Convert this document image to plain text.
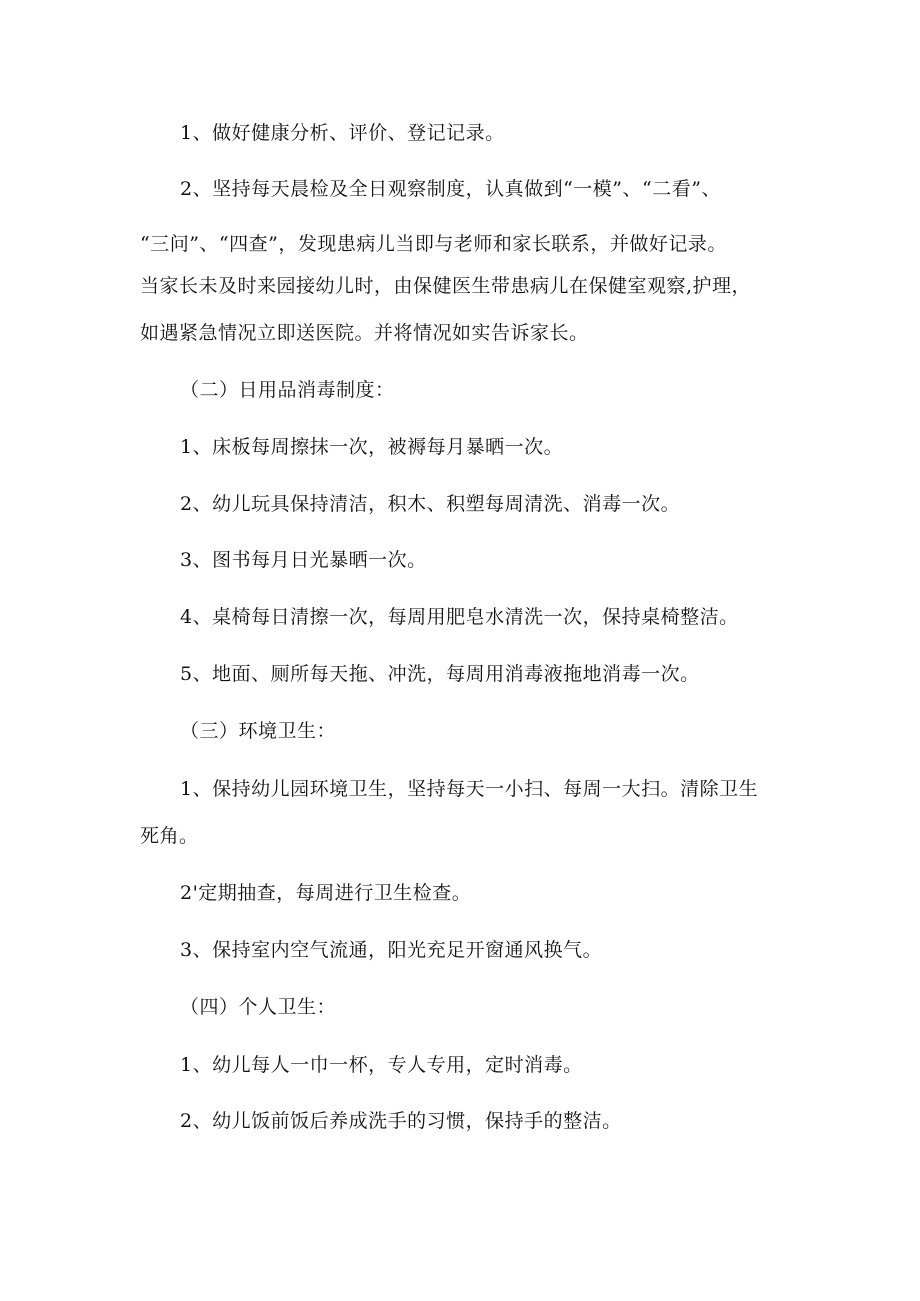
1、做好健康分析、评价、登记记录。
2、坚持每天晨检及全日观察制度，认真做到“一模”、“二看”、
“三问”、“四查”，发现患病儿当即与老师和家长联系，并做好记录。
当家长未及时来园接幼儿时，由保健医生带患病儿在保健室观察,护理，
如遇紧急情况立即送医院。并将情况如实告诉家长。
（二）日用品消毒制度：
1、床板每周擦抹一次，被褥每月暴晒一次。
2、幼儿玩具保持清洁，积木、积塑每周清洗、消毒一次。
3、图书每月日光暴晒一次。
4、桌椅每日清擦一次，每周用肥皂水清洗一次，保持桌椅整洁。
5、地面、厕所每天拖、冲洗，每周用消毒液拖地消毒一次。
（三）环境卫生：
1、保持幼儿园环境卫生，坚持每天一小扫、每周一大扫。清除卫生
死角。
2'定期抽查，每周进行卫生检查。
3、保持室内空气流通，阳光充足开窗通风换气。
（四）个人卫生：
1、幼儿每人一巾一杯，专人专用，定时消毒。
2、幼儿饭前饭后养成洗手的习惯，保持手的整洁。
